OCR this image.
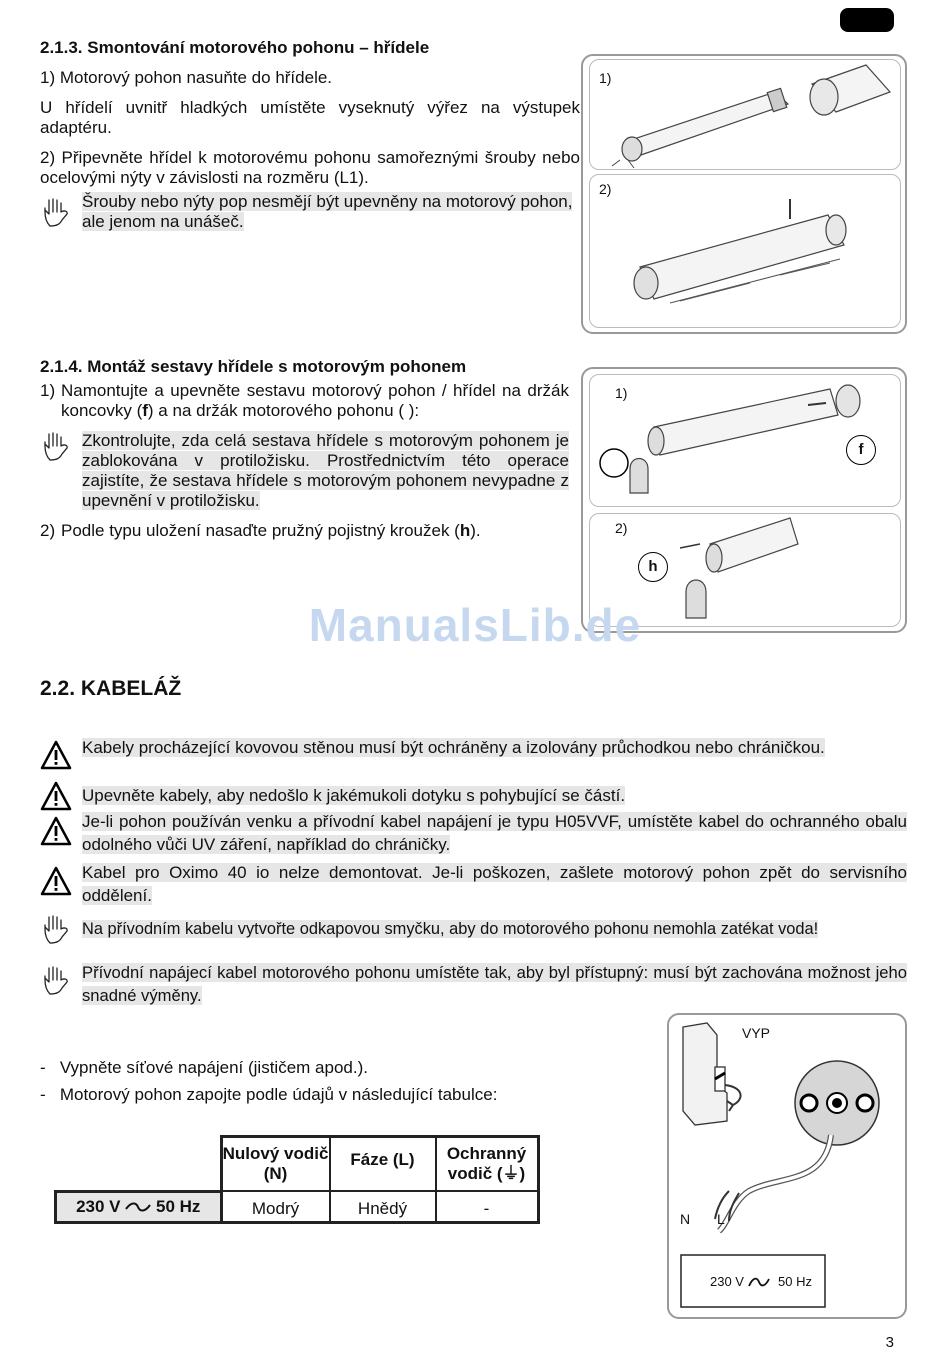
2.1.3. Smontování motorového pohonu – hřídele
1) Motorový pohon nasuňte do hřídele.
U hřídelí uvnitř hladkých umístěte vyseknutý výřez na výstupek adaptéru.
2) Připevněte hřídel k motorovému pohonu samořeznými šrouby nebo ocelovými nýty v závislosti na rozměru (L1).
Šrouby nebo nýty pop nesmějí být upevněny na motorový pohon, ale jenom na unášeč.
1)
2)
2.1.4. Montáž sestavy hřídele s motorovým pohonem
1) Namontujte a upevněte sestavu motorový pohon / hřídel na držák koncovky (f) a na držák motorového pohonu ( ):
Zkontrolujte, zda celá sestava hřídele s motorovým pohonem je zablokována v protiložisku. Prostřednictvím této operace zajistíte, že sestava hřídele s motorovým pohonem nevypadne z upevnění v protiložisku.
2) Podle typu uložení nasaďte pružný pojistný kroužek (h).
1)
f
2)
h
ManualsLib.de
2.2. KABELÁŽ
Kabely procházející kovovou stěnou musí být ochráněny a izolovány průchodkou nebo chráničkou.
Upevněte kabely, aby nedošlo k jakémukoli dotyku s pohybující se částí.
Je-li pohon používán venku a přívodní kabel napájení je typu H05VVF, umístěte kabel do ochranného obalu odolného vůči UV záření, například do chráničky.
Kabel pro Oximo 40 io nelze demontovat. Je-li poškozen, zašlete motorový pohon zpět do servisního oddělení.
Na přívodním kabelu vytvořte odkapovou smyčku, aby do motorového pohonu nemohla zatékat voda!
Přívodní napájecí kabel motorového pohonu umístěte tak, aby byl přístupný: musí být zachována možnost jeho snadné výměny.
-   Vypněte síťové napájení (jističem apod.).
-   Motorový pohon zapojte podle údajů v následující tabulce:
	Nulový vodič (N)	Fáze (L)	Ochranný vodič (⏚)
230 V 50 Hz	Modrý	Hnědý	-
VYP
N L
230 V	50 Hz
3
